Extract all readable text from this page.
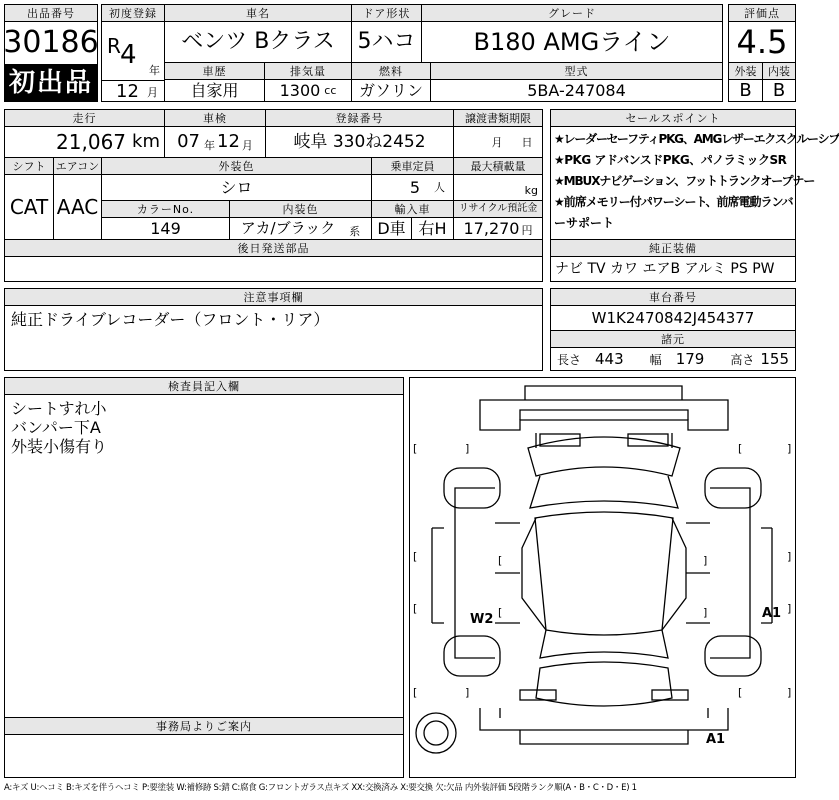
出品番号
30186
初出品
初度登録
R 4
年
12 月
車名
ベンツ Bクラス
ドア形状
5ハコ
グレード
B180 AMGライン
車歴
自家用
排気量
1300 cc
燃料
ガソリン
型式
5BA-247084
評価点
4.5
外装
B
内装
B
走行
21,067 km
車検
07 年 12 月
登録番号
岐阜 330ね2452
譲渡書類期限
月 日
シフト
CAT
エアコン
AAC
外装色
シロ
乗車定員
5 人
最大積載量
kg
カラーNo.
149
内装色
アカ/ブラック 系
輸入車
D車 右H
リサイクル預託金
17,270 円
後日発送部品
セールスポイント
★レーダーセーフティPKG、AMGレザーエクスクルーシブ
★PKG アドバンスドPKG、パノラミックSR
★MBUXナビゲーション、フットトランクオープナー
★前席メモリー付パワーシート、前席電動ランバ
ーサポート
純正装備
ナビ TV カワ エアB アルミ PS PW
注意事項欄
純正ドライブレコーダー（フロント・リア）
車台番号
W1K2470842J454377
諸元
長さ 443 幅 179 高さ 155
検査員記入欄
シートすれ小
バンパー下A
外装小傷有り
事務局よりご案内
[	]	[	]
[	]	[	]
[	]
[	]
[
[
]
]
W2	A1
A1
A:キズ U:ヘコミ B:キズを伴うヘコミ P:要塗装 W:補修跡 S:錆 C:腐食 G:フロントガラス点キズ XX:交換済み X:要交換 欠:欠品 内外装評価 5段階ランク順(A・B・C・D・E) 1
